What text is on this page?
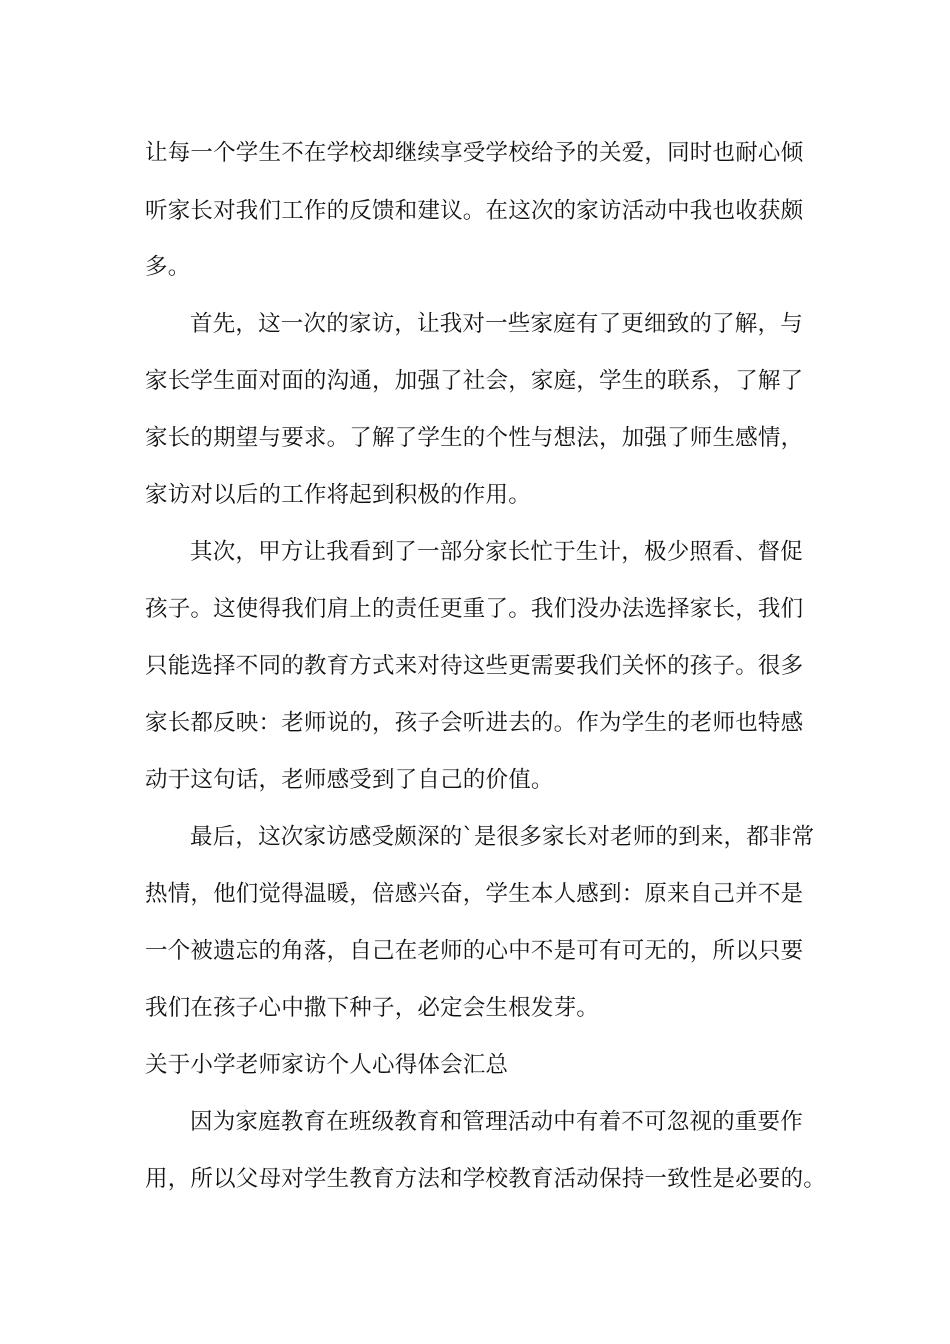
让每一个学生不在学校却继续享受学校给予的关爱，同时也耐心倾
听家长对我们工作的反馈和建议。在这次的家访活动中我也收获颇
多。
首先，这一次的家访，让我对一些家庭有了更细致的了解，与
家长学生面对面的沟通，加强了社会，家庭，学生的联系，了解了
家长的期望与要求。了解了学生的个性与想法，加强了师生感情，
家访对以后的工作将起到积极的作用。
其次，甲方让我看到了一部分家长忙于生计，极少照看、督促
孩子。这使得我们肩上的责任更重了。我们没办法选择家长，我们
只能选择不同的教育方式来对待这些更需要我们关怀的孩子。很多
家长都反映：老师说的，孩子会听进去的。作为学生的老师也特感
动于这句话，老师感受到了自己的价值。
最后，这次家访感受颇深的`是很多家长对老师的到来，都非常
热情，他们觉得温暖，倍感兴奋，学生本人感到：原来自己并不是
一个被遗忘的角落，自己在老师的心中不是可有可无的，所以只要
我们在孩子心中撒下种子，必定会生根发芽。
关于小学老师家访个人心得体会汇总
因为家庭教育在班级教育和管理活动中有着不可忽视的重要作
用，所以父母对学生教育方法和学校教育活动保持一致性是必要的。
